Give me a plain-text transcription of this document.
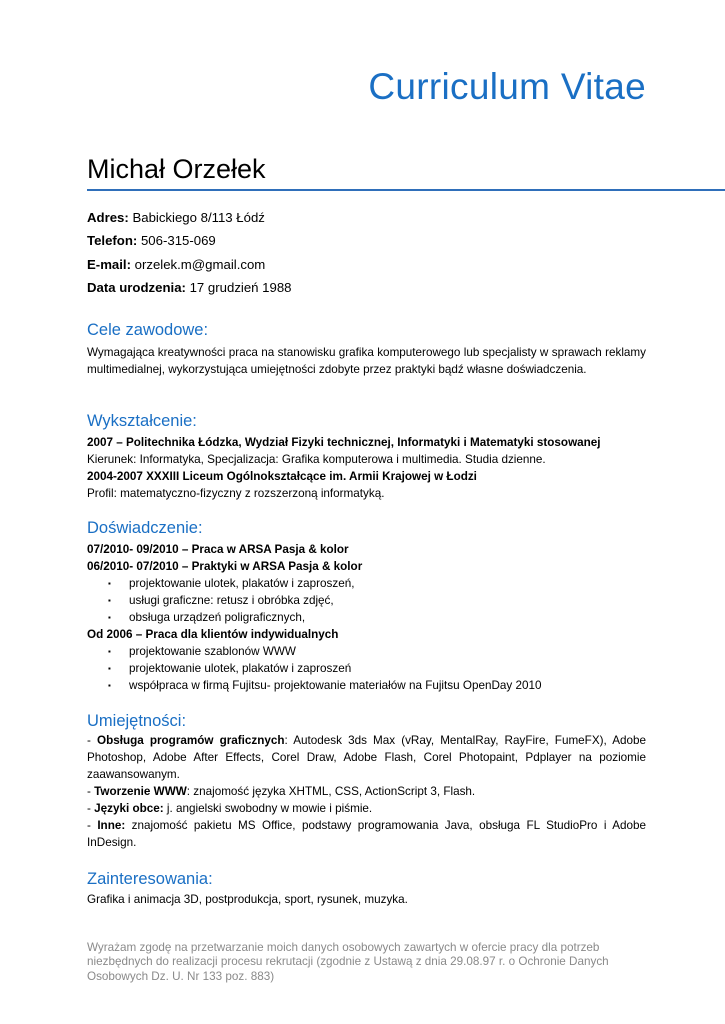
Curriculum Vitae
Michał Orzełek
Adres: Babickiego 8/113 Łódź
Telefon: 506-315-069
E-mail: orzelek.m@gmail.com
Data urodzenia: 17 grudzień 1988
Cele zawodowe:
Wymagająca kreatywności praca na stanowisku grafika komputerowego lub specjalisty w sprawach reklamy multimedialnej, wykorzystująca umiejętności zdobyte przez praktyki bądź własne doświadczenia.
Wykształcenie:
2007 – Politechnika Łódzka, Wydział Fizyki technicznej, Informatyki i Matematyki stosowanej
Kierunek: Informatyka, Specjalizacja: Grafika komputerowa i multimedia. Studia dzienne.
2004-2007 XXXIII Liceum Ogólnokształcące im. Armii Krajowej w Łodzi
Profil: matematyczno-fizyczny z rozszerzoną informatyką.
Doświadczenie:
07/2010- 09/2010 – Praca w ARSA Pasja & kolor
06/2010- 07/2010 – Praktyki w ARSA Pasja & kolor
▪ projektowanie ulotek, plakatów i zaproszeń,
▪ usługi graficzne: retusz i obróbka zdjęć,
▪ obsługa urządzeń poligraficznych,
Od 2006 – Praca dla klientów indywidualnych
▪ projektowanie szablonów WWW
▪ projektowanie ulotek, plakatów i zaproszeń
▪ współpraca w firmą Fujitsu- projektowanie materiałów na Fujitsu OpenDay 2010
Umiejętności:
- Obsługa programów graficznych: Autodesk 3ds Max (vRay, MentalRay, RayFire, FumeFX), Adobe Photoshop, Adobe After Effects, Corel Draw, Adobe Flash, Corel Photopaint, Pdplayer na poziomie zaawansowanym.
- Tworzenie WWW: znajomość języka XHTML, CSS, ActionScript 3, Flash.
- Języki obce: j. angielski swobodny w mowie i piśmie.
- Inne: znajomość pakietu MS Office, podstawy programowania Java, obsługa FL StudioPro i Adobe InDesign.
Zainteresowania:
Grafika i animacja 3D, postprodukcja, sport, rysunek, muzyka.
Wyrażam zgodę na przetwarzanie moich danych osobowych zawartych w ofercie pracy dla potrzeb niezbędnych do realizacji procesu rekrutacji (zgodnie z Ustawą z dnia 29.08.97 r. o Ochronie Danych Osobowych Dz. U. Nr 133 poz. 883)
